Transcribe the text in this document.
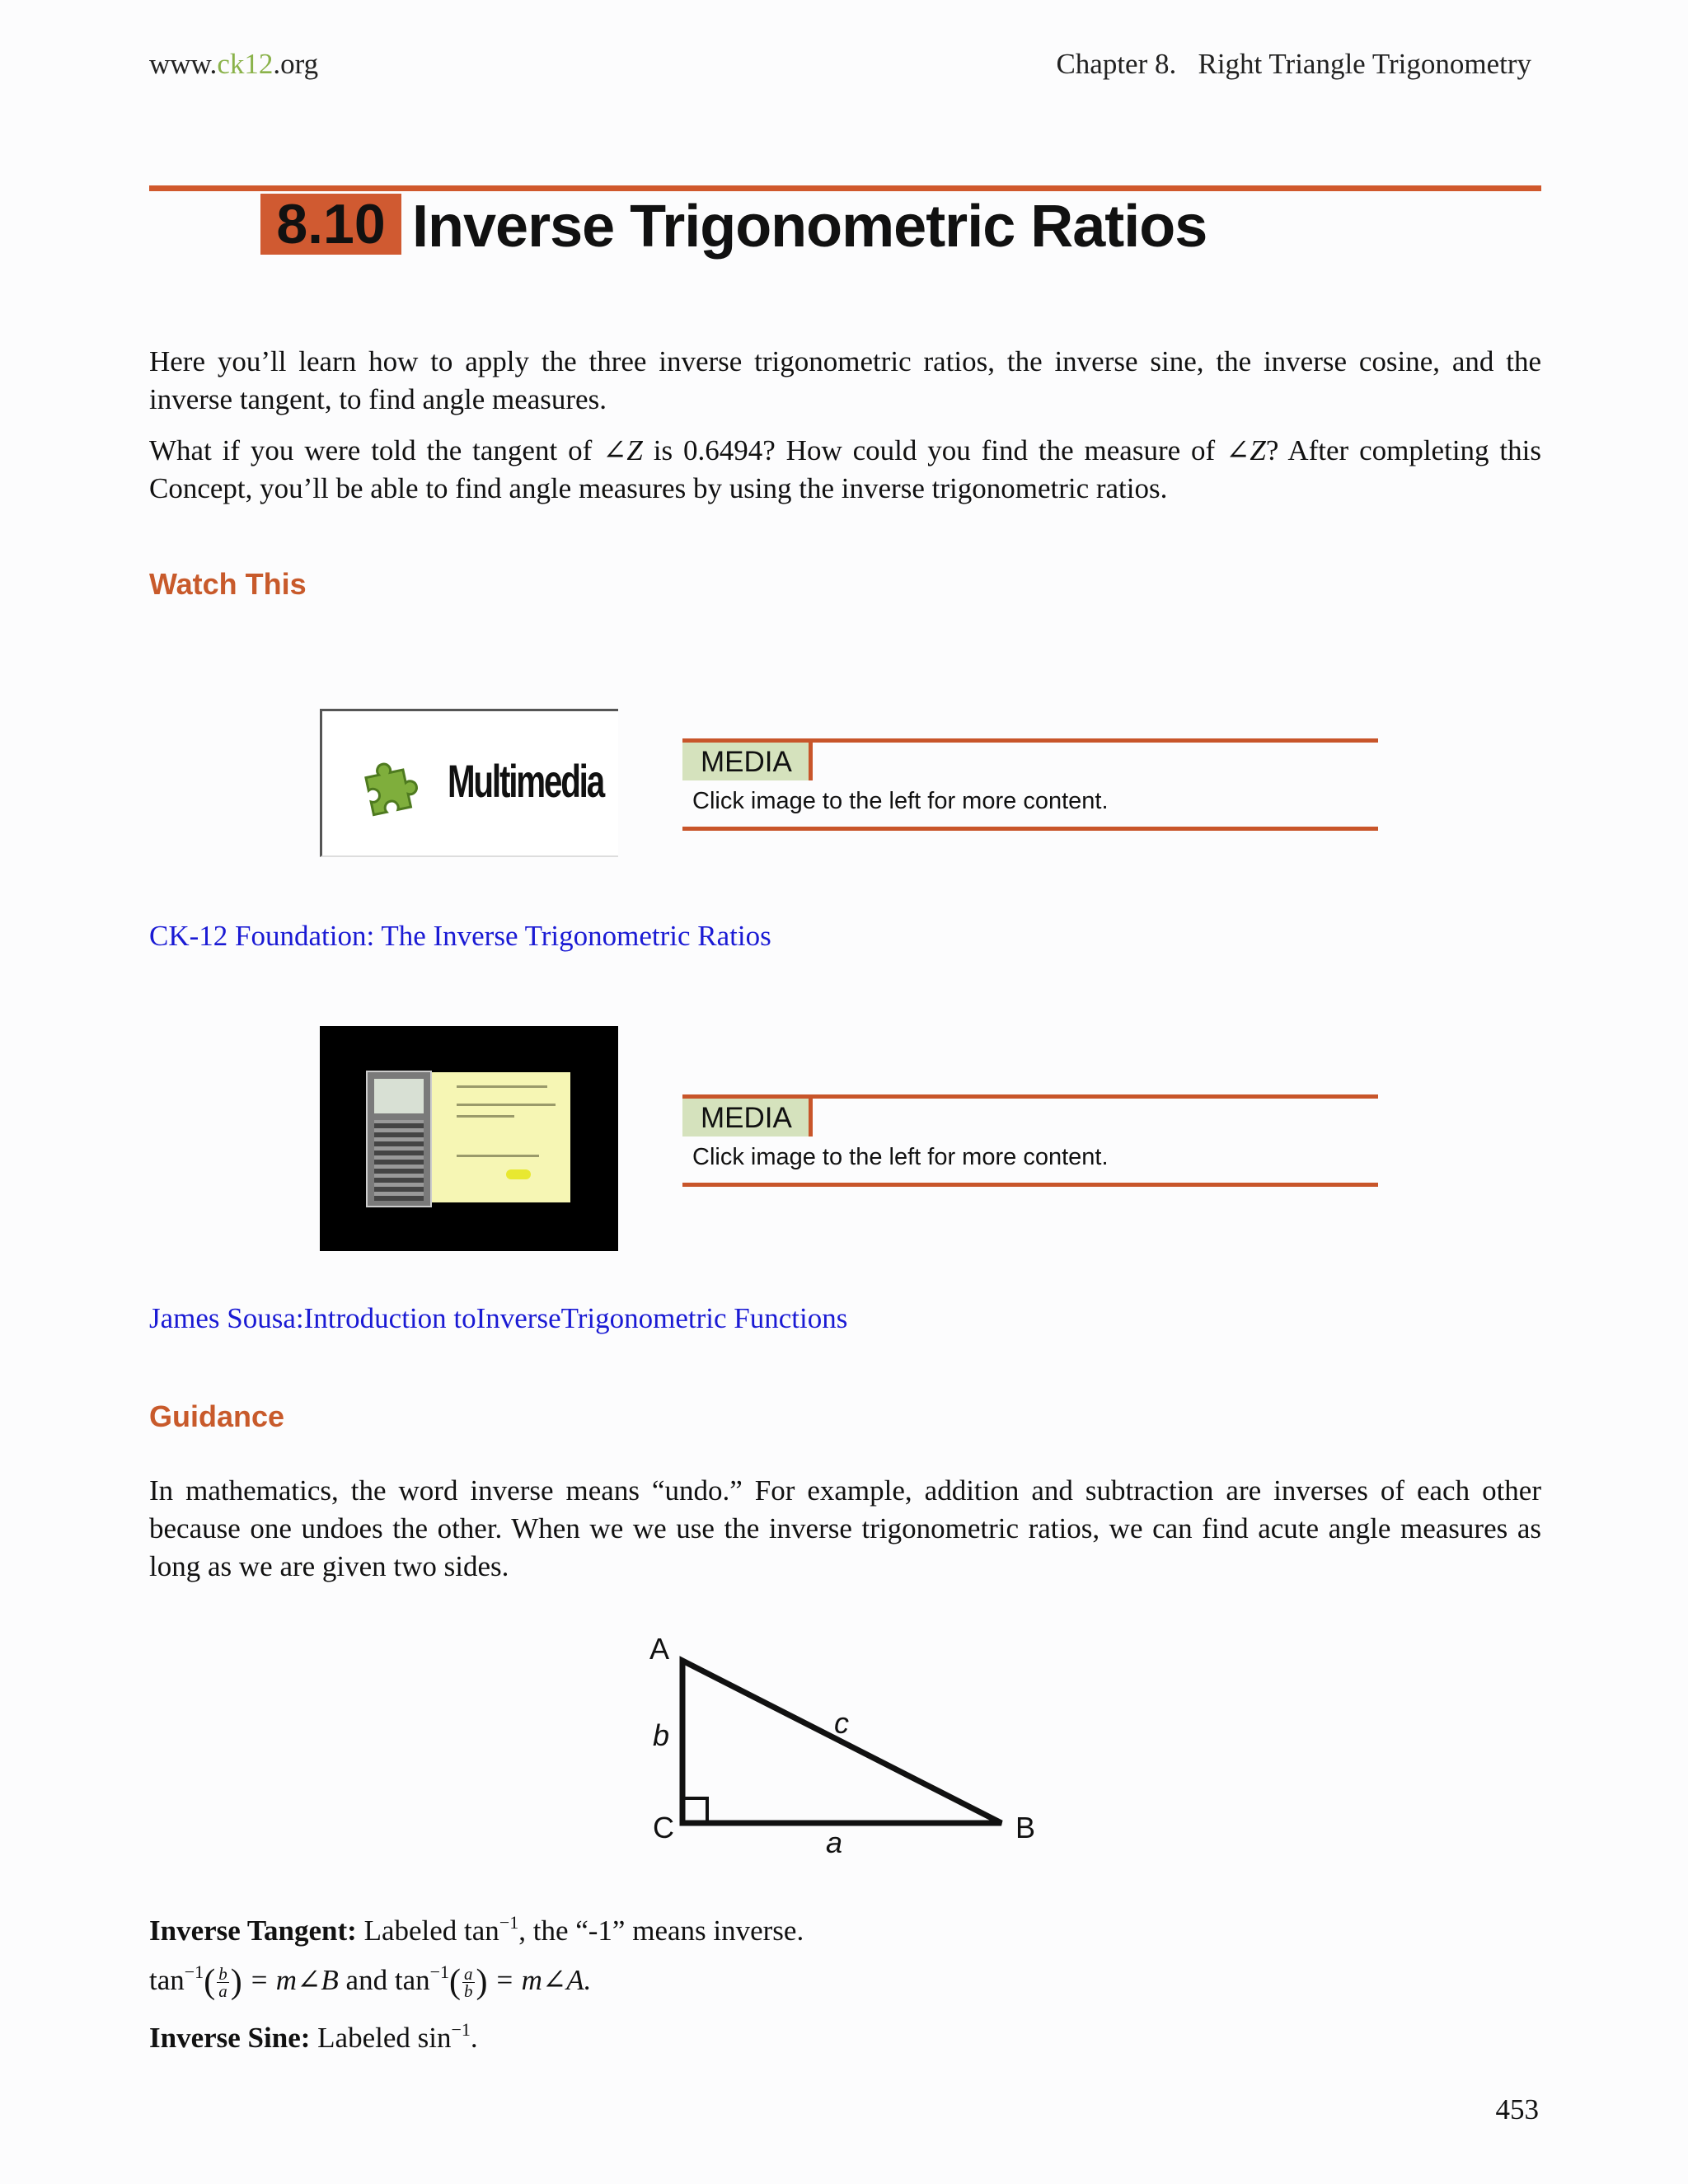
www.ck12.org	Chapter 8.   Right Triangle Trigonometry
8.10 Inverse Trigonometric Ratios
Here you’ll learn how to apply the three inverse trigonometric ratios, the inverse sine, the inverse cosine, and the inverse tangent, to find angle measures.
What if you were told the tangent of ∠Z is 0.6494? How could you find the measure of ∠Z? After completing this Concept, you’ll be able to find angle measures by using the inverse trigonometric ratios.
Watch This
Multimedia	MEDIA
Click image to the left for more content.
CK-12 Foundation: The Inverse Trigonometric Ratios
MEDIA
Click image to the left for more content.
James Sousa:Introduction toInverseTrigonometric Functions
Guidance
In mathematics, the word inverse means “undo.” For example, addition and subtraction are inverses of each other because one undoes the other. When we we use the inverse trigonometric ratios, we can find acute angle measures as long as we are given two sides.
A
C	B
b	c
a
Inverse Tangent: Labeled $\tan^{-1}$, the “-1” means inverse.
$\tan^{-1}( \frac{b}{a}$ ) = m∠B and $\tan^{-1}( \frac{a}{b}$ ) = m∠A.
Inverse Sine: Labeled $\sin^{-1}$.
453
